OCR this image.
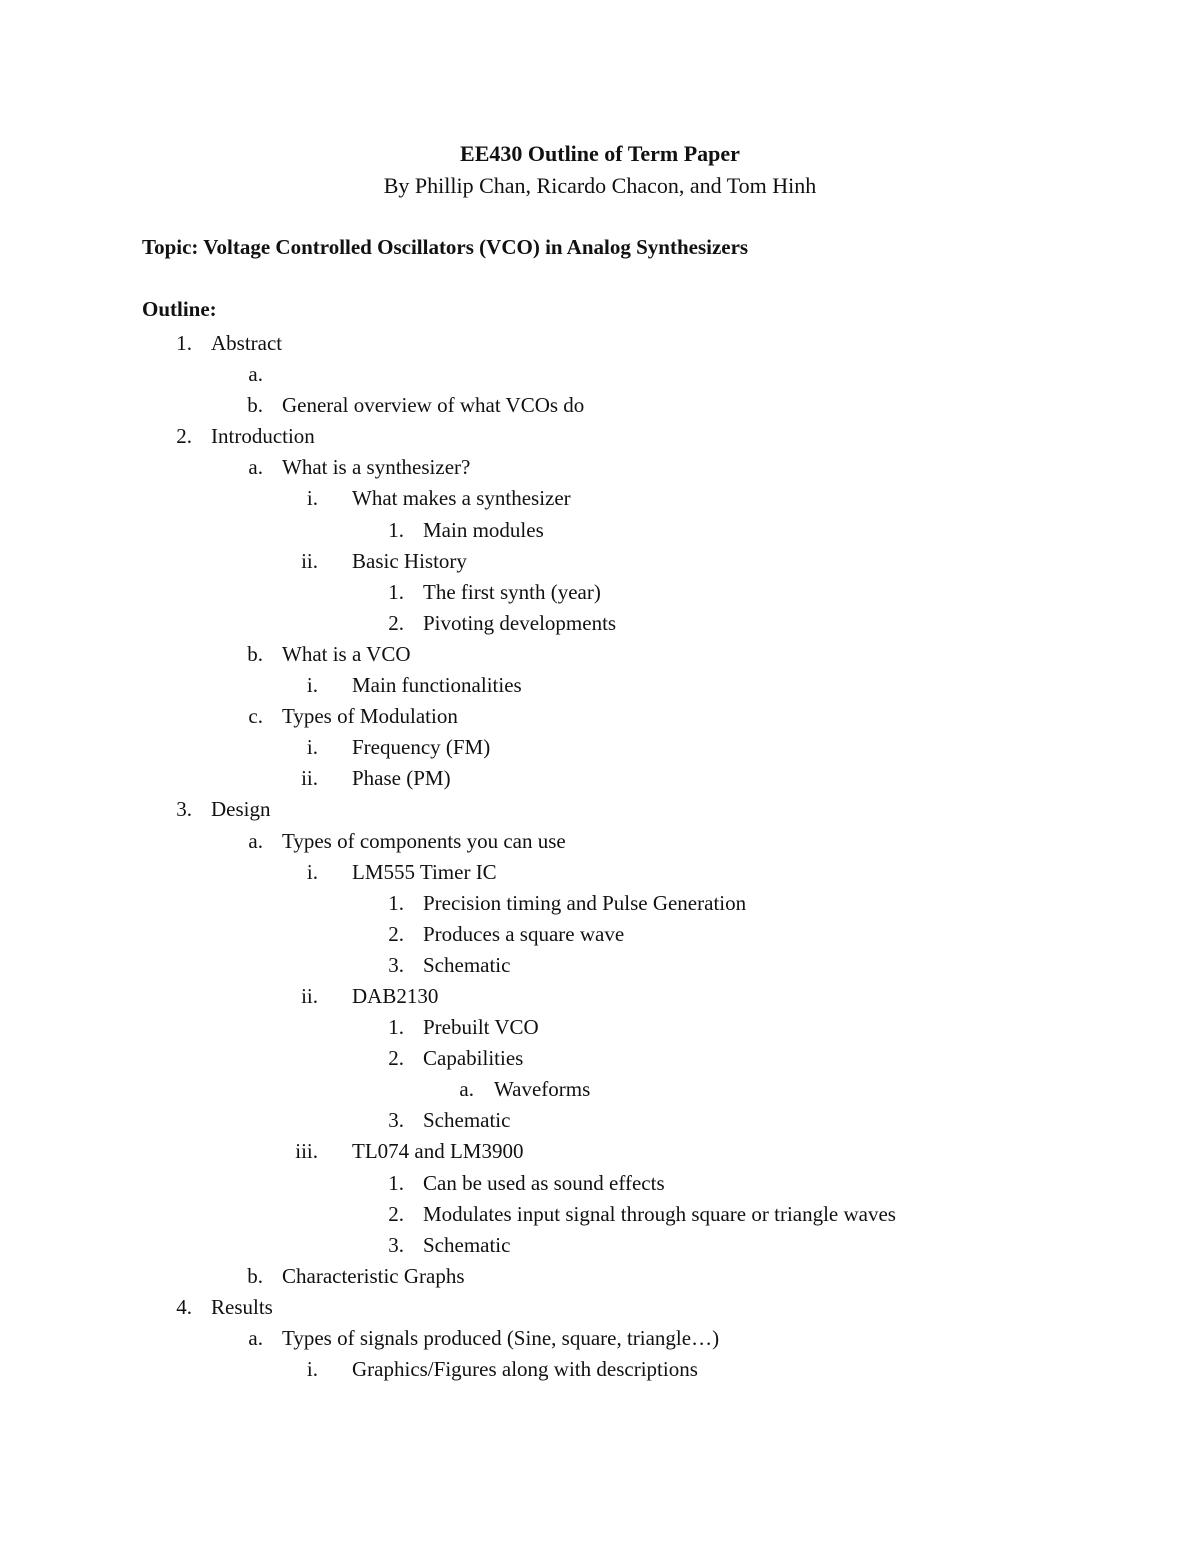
EE430 Outline of Term Paper
By Phillip Chan, Ricardo Chacon, and Tom Hinh
Topic: Voltage Controlled Oscillators (VCO) in Analog Synthesizers
Outline:
1. Abstract
a.
b. General overview of what VCOs do
2. Introduction
a. What is a synthesizer?
i. What makes a synthesizer
1. Main modules
ii. Basic History
1. The first synth (year)
2. Pivoting developments
b. What is a VCO
i. Main functionalities
c. Types of Modulation
i. Frequency (FM)
ii. Phase (PM)
3. Design
a. Types of components you can use
i. LM555 Timer IC
1. Precision timing and Pulse Generation
2. Produces a square wave
3. Schematic
ii. DAB2130
1. Prebuilt VCO
2. Capabilities
a. Waveforms
3. Schematic
iii. TL074 and LM3900
1. Can be used as sound effects
2. Modulates input signal through square or triangle waves
3. Schematic
b. Characteristic Graphs
4. Results
a. Types of signals produced (Sine, square, triangle…)
i. Graphics/Figures along with descriptions
